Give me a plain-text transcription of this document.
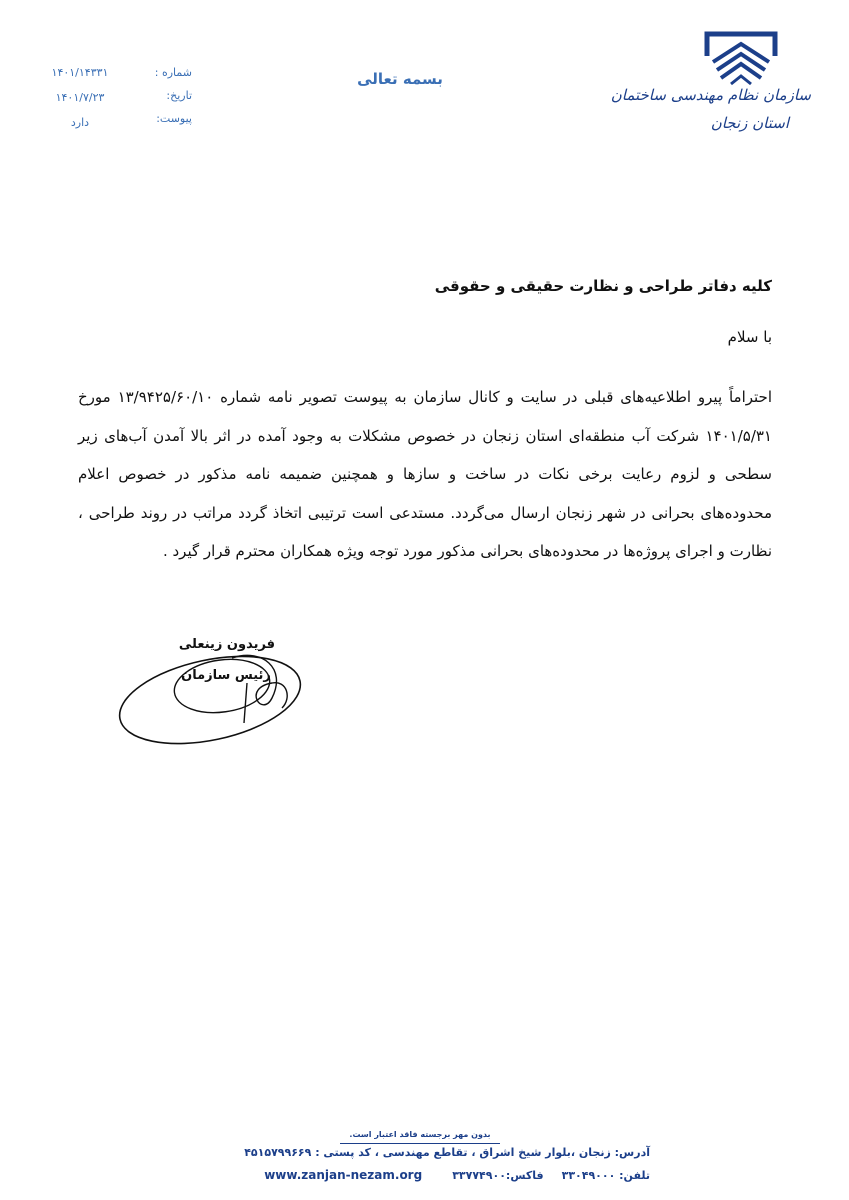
سازمان نظام مهندسی ساختمان
استان زنجان
بسمه تعالی
شماره :
تاریخ:
پیوست:
۱۴۰۱/۱۴۳۳۱
۱۴۰۱/۷/۲۳
دارد
کلیه دفاتر طراحی و نظارت حقیقی و حقوقی
با سلام
احتراماً پیرو اطلاعیه‌های قبلی در سایت و کانال سازمان به پیوست تصویر نامه شماره ۱۳/۹۴۲۵/۶۰/۱۰ مورخ ۱۴۰۱/۵/۳۱ شرکت آب منطقه‌ای استان زنجان در خصوص مشکلات به وجود آمده در اثر بالا آمدن آب‌های زیر سطحی و لزوم رعایت برخی نکات در ساخت و سازها و همچنین ضمیمه نامه مذکور در خصوص اعلام محدوده‌های بحرانی در شهر زنجان ارسال می‌گردد. مستدعی است ترتیبی اتخاذ گردد مراتب در روند طراحی ، نظارت و اجرای پروژه‌ها در محدوده‌های بحرانی مذکور مورد توجه ویژه همکاران محترم قرار گیرد .
فریدون زینعلی
رئیس سازمان
بدون مهر برجسته فاقد اعتبار است.
آدرس: زنجان ،بلوار شیخ اشراق ، تقاطع مهندسی ، کد پستی : ۴۵۱۵۷۹۹۶۶۹
تلفن: ۳۳۰۴۹۰۰۰فاکس:۳۳۷۷۴۹۰۰www.zanjan-nezam.org
